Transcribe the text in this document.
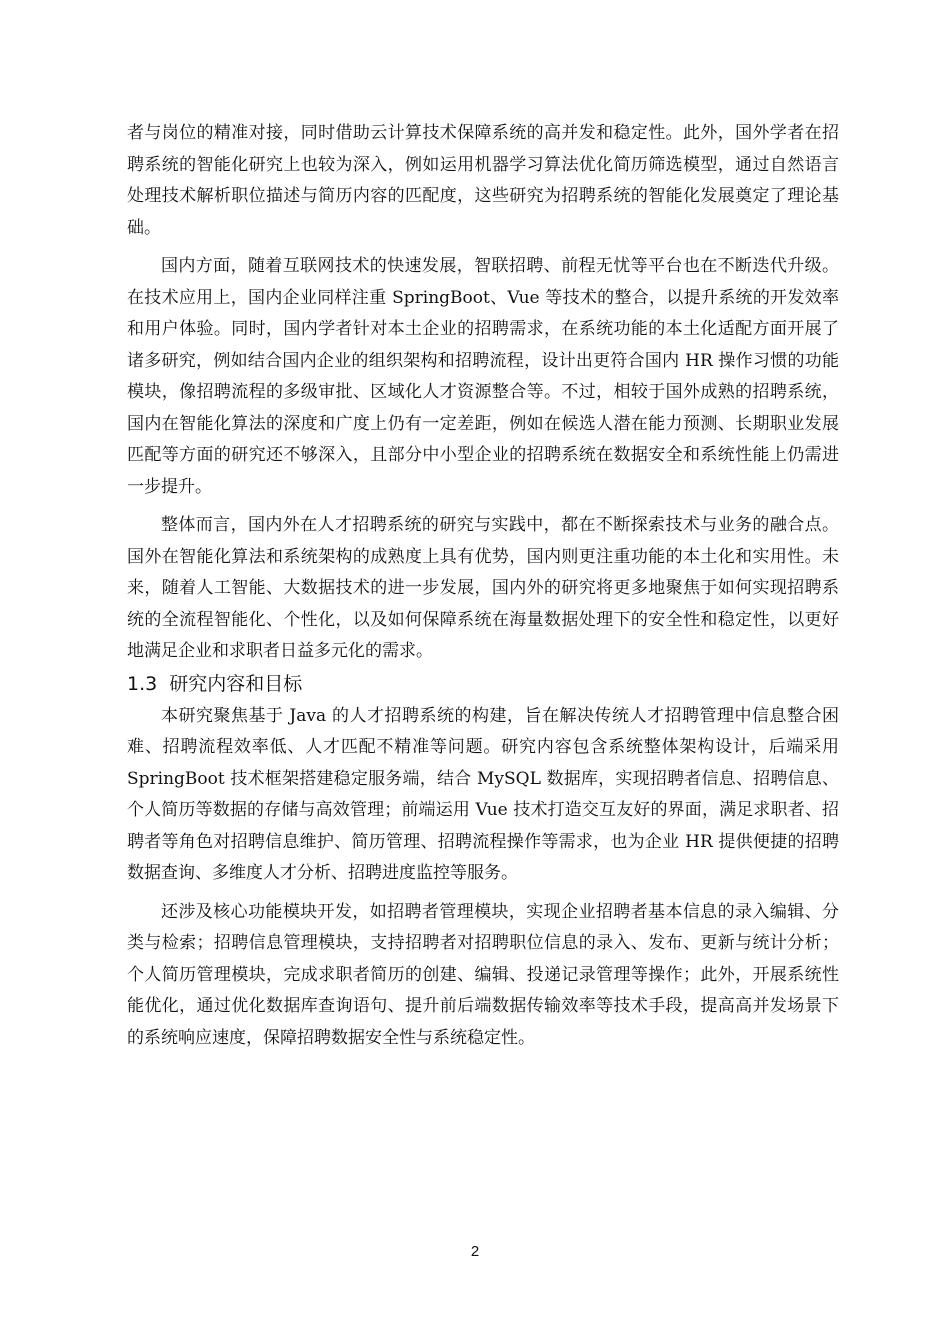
者与岗位的精准对接，同时借助云计算技术保障系统的高并发和稳定性。此外，国外学者在招聘系统的智能化研究上也较为深入，例如运用机器学习算法优化简历筛选模型，通过自然语言处理技术解析职位描述与简历内容的匹配度，这些研究为招聘系统的智能化发展奠定了理论基础。

国内方面，随着互联网技术的快速发展，智联招聘、前程无忧等平台也在不断迭代升级。在技术应用上，国内企业同样注重 SpringBoot、Vue 等技术的整合，以提升系统的开发效率和用户体验。同时，国内学者针对本土企业的招聘需求，在系统功能的本土化适配方面开展了诸多研究，例如结合国内企业的组织架构和招聘流程，设计出更符合国内 HR 操作习惯的功能模块，像招聘流程的多级审批、区域化人才资源整合等。不过，相较于国外成熟的招聘系统，国内在智能化算法的深度和广度上仍有一定差距，例如在候选人潜在能力预测、长期职业发展匹配等方面的研究还不够深入，且部分中小型企业的招聘系统在数据安全和系统性能上仍需进一步提升。

整体而言，国内外在人才招聘系统的研究与实践中，都在不断探索技术与业务的融合点。国外在智能化算法和系统架构的成熟度上具有优势，国内则更注重功能的本土化和实用性。未来，随着人工智能、大数据技术的进一步发展，国内外的研究将更多地聚焦于如何实现招聘系统的全流程智能化、个性化，以及如何保障系统在海量数据处理下的安全性和稳定性，以更好地满足企业和求职者日益多元化的需求。

1.3 研究内容和目标

本研究聚焦基于 Java 的人才招聘系统的构建，旨在解决传统人才招聘管理中信息整合困难、招聘流程效率低、人才匹配不精准等问题。研究内容包含系统整体架构设计，后端采用 SpringBoot 技术框架搭建稳定服务端，结合 MySQL 数据库，实现招聘者信息、招聘信息、个人简历等数据的存储与高效管理；前端运用 Vue 技术打造交互友好的界面，满足求职者、招聘者等角色对招聘信息维护、简历管理、招聘流程操作等需求，也为企业 HR 提供便捷的招聘数据查询、多维度人才分析、招聘进度监控等服务。

还涉及核心功能模块开发，如招聘者管理模块，实现企业招聘者基本信息的录入编辑、分类与检索；招聘信息管理模块，支持招聘者对招聘职位信息的录入、发布、更新与统计分析；个人简历管理模块，完成求职者简历的创建、编辑、投递记录管理等操作；此外，开展系统性能优化，通过优化数据库查询语句、提升前后端数据传输效率等技术手段，提高高并发场景下的系统响应速度，保障招聘数据安全性与系统稳定性。

2
